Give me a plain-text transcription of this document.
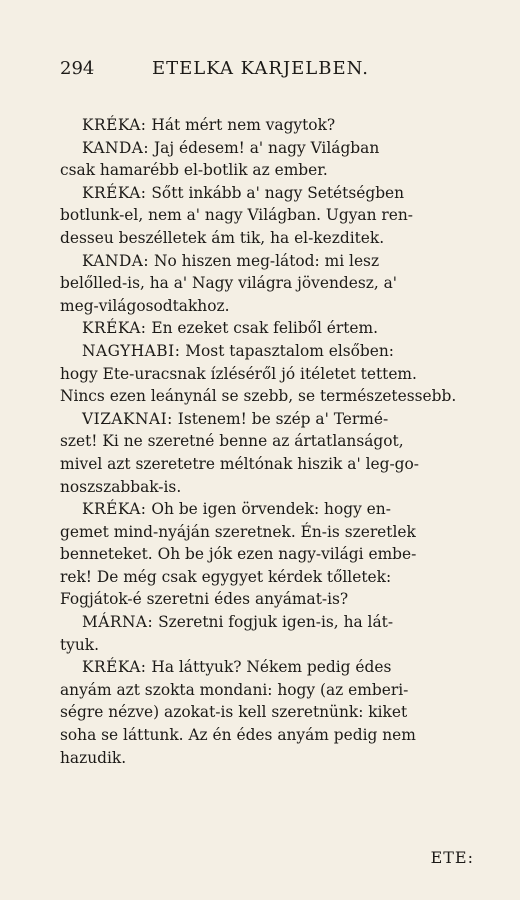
294	ETELKA KARJELBEN.
KRÉKA: Hát mért nem vagytok?
KANDA: Jaj édesem! a' nagy Világban
csak hamarébb el-botlik az ember.
KRÉKA: Sőtt inkább a' nagy Setétségben
botlunk-el, nem a' nagy Világban. Ugyan ren-
desseu beszélletek ám tik, ha el-kezditek.
KANDA: No hiszen meg-látod: mi lesz
belőlled-is, ha a' Nagy világra jövendesz, a'
meg-világosodtakhoz.
KRÉKA: En ezeket csak feliből értem.
NAGYHABI: Most tapasztalom elsőben:
hogy Ete-uracsnak ízléséről jó itéletet tettem.
Nincs ezen leánynál se szebb, se természetessebb.
VIZAKNAI: Istenem! be szép a' Termé-
szet! Ki ne szeretné benne az ártatlanságot,
mivel azt szeretetre méltónak hiszik a' leg-go-
noszszabbak-is.
KRÉKA: Oh be igen örvendek: hogy en-
gemet mind-nyáján szeretnek. Én-is szeretlek
benneteket. Oh be jók ezen nagy-világi embe-
rek! De még csak egygyet kérdek tőlletek:
Fogjátok-é szeretni édes anyámat-is?
MÁRNA: Szeretni fogjuk igen-is, ha lát-
tyuk.
KRÉKA: Ha láttyuk? Nékem pedig édes
anyám azt szokta mondani: hogy (az emberi-
ségre nézve) azokat-is kell szeretnünk: kiket
soha se láttunk. Az én édes anyám pedig nem
hazudik.
ETE:
